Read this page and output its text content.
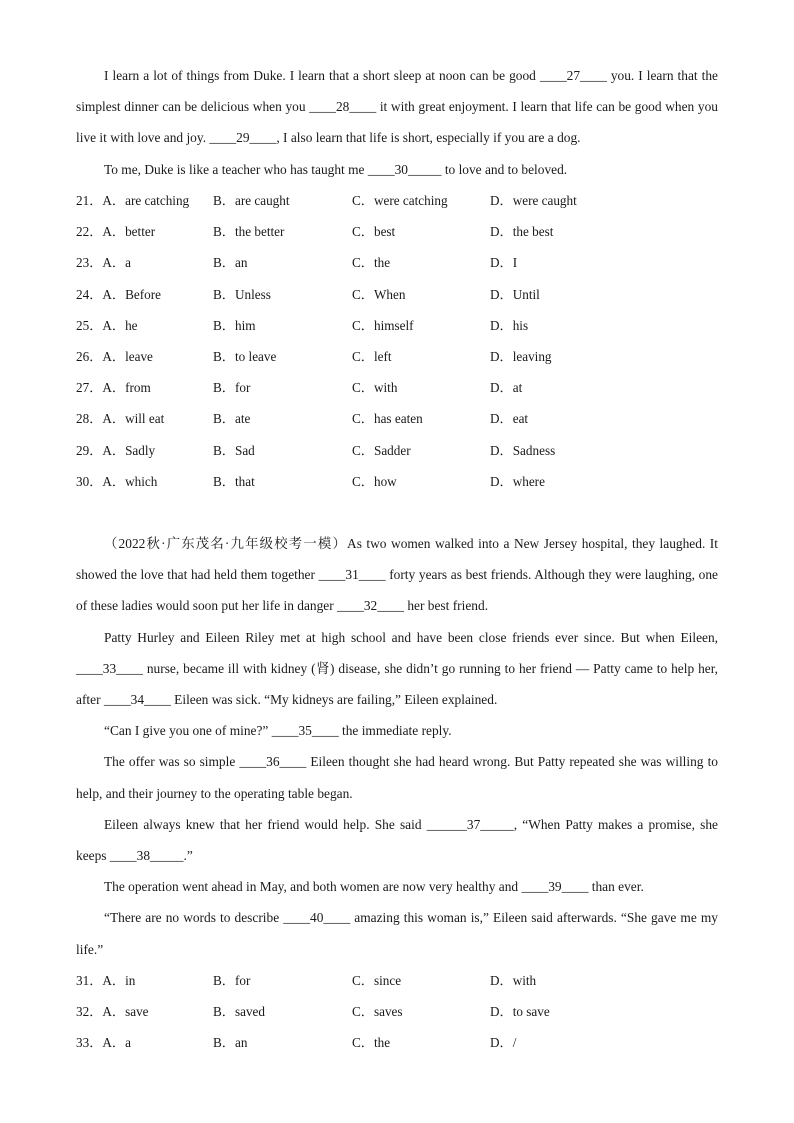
I learn a lot of things from Duke. I learn that a short sleep at noon can be good ____27____ you. I learn that the simplest dinner can be delicious when you ____28____ it with great enjoyment. I learn that life can be good when you live it with love and joy. ____29____, I also learn that life is short, especially if you are a dog.
To me, Duke is like a teacher who has taught me ____30_____ to love and to beloved.
21．A．are catching B．are caught	C．were catching	D．were caught
22．A．better	B．the better	C．best	D．the best
23．A．a	B．an	C．the	D．I
24．A．Before	B．Unless	C．When	D．Until
25．A．he	B．him	C．himself	D．his
26．A．leave	B．to leave	C．left	D．leaving
27．A．from	B．for	C．with	D．at
28．A．will eat	B．ate	C．has eaten	D．eat
29．A．Sadly	B．Sad	C．Sadder	D．Sadness
30．A．which	B．that	C．how	D．where
（2022秋·广东茂名·九年级校考一模）As two women walked into a New Jersey hospital, they laughed. It showed the love that had held them together ____31____ forty years as best friends. Although they were laughing, one of these ladies would soon put her life in danger ____32____ her best friend.
Patty Hurley and Eileen Riley met at high school and have been close friends ever since. But when Eileen, ____33____ nurse, became ill with kidney (肾) disease, she didn’t go running to her friend — Patty came to help her, after ____34____ Eileen was sick. “My kidneys are failing,” Eileen explained.
“Can I give you one of mine?” ____35____ the immediate reply.
The offer was so simple ____36____ Eileen thought she had heard wrong. But Patty repeated she was willing to help, and their journey to the operating table began.
Eileen always knew that her friend would help. She said ______37_____, “When Patty makes a promise, she keeps ____38_____.”
The operation went ahead in May, and both women are now very healthy and ____39____ than ever.
“There are no words to describe ____40____ amazing this woman is,” Eileen said afterwards. “She gave me my life.”
31．A．in	B．for	C．since	D．with
32．A．save	B．saved	C．saves	D．to save
33．A．a	B．an	C．the	D．/
